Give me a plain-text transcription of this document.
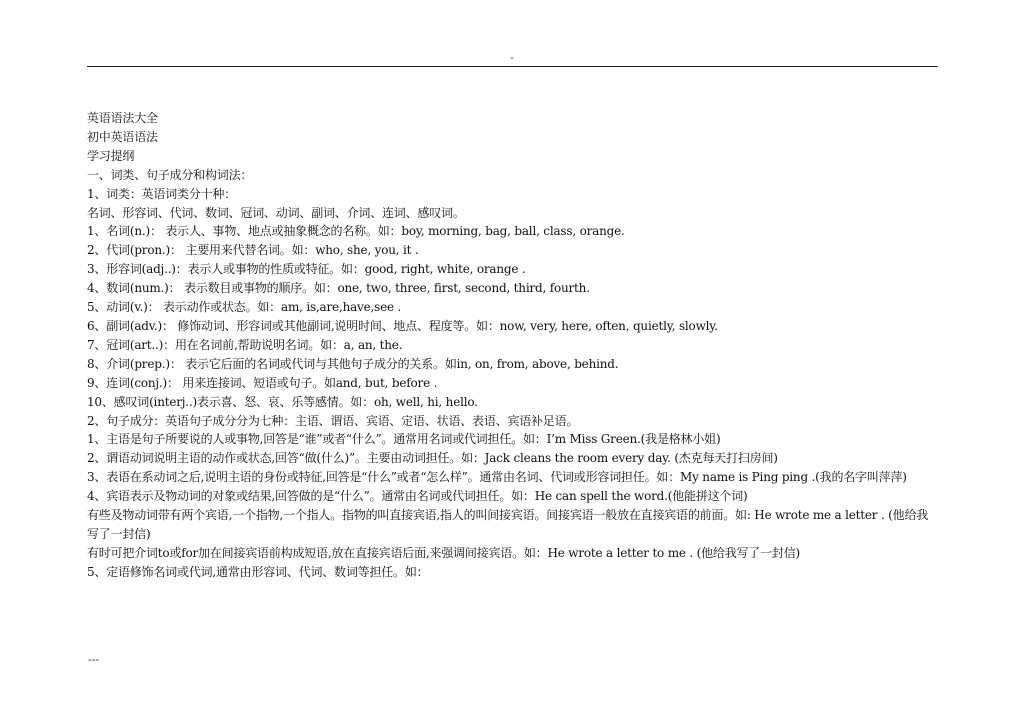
-
英语语法大全
初中英语语法
学习提纲
一、词类、句子成分和构词法：
1、词类：英语词类分十种：
名词、形容词、代词、数词、冠词、动词、副词、介词、连词、感叹词。
1、名词(n.)： 表示人、事物、地点或抽象概念的名称。如：boy, morning, bag, ball, class, orange.
2、代词(pron.)： 主要用来代替名词。如：who, she, you, it .
3、形容词(adj..)：表示人或事物的性质或特征。如：good, right, white, orange .
4、数词(num.)： 表示数目或事物的顺序。如：one, two, three, first, second, third, fourth.
5、动词(v.)： 表示动作或状态。如：am, is,are,have,see .
6、副词(adv.)： 修饰动词、形容词或其他副词,说明时间、地点、程度等。如：now, very, here, often, quietly, slowly.
7、冠词(art..)：用在名词前,帮助说明名词。如：a, an, the.
8、介词(prep.)： 表示它后面的名词或代词与其他句子成分的关系。如in, on, from, above, behind.
9、连词(conj.)： 用来连接词、短语或句子。如and, but, before .
10、感叹词(interj..)表示喜、怒、哀、乐等感情。如：oh, well, hi, hello.
2、句子成分：英语句子成分分为七种：主语、谓语、宾语、定语、状语、表语、宾语补足语。
1、主语是句子所要说的人或事物,回答是“谁”或者“什么”。通常用名词或代词担任。如：I’m Miss Green.(我是格林小姐)
2、谓语动词说明主语的动作或状态,回答“做(什么)”。主要由动词担任。如：Jack cleans the room every day. (杰克每天打扫房间)
3、表语在系动词之后,说明主语的身份或特征,回答是“什么”或者“怎么样”。通常由名词、代词或形容词担任。如：My name is Ping ping .(我的名字叫萍萍)
4、宾语表示及物动词的对象或结果,回答做的是“什么”。通常由名词或代词担任。如：He can spell the word.(他能拼这个词)
有些及物动词带有两个宾语,一个指物,一个指人。指物的叫直接宾语,指人的叫间接宾语。间接宾语一般放在直接宾语的前面。如: He wrote me a letter . (他给我写了一封信)
有时可把介词to或for加在间接宾语前构成短语,放在直接宾语后面,来强调间接宾语。如：He wrote a letter to me . (他给我写了一封信)
5、定语修饰名词或代词,通常由形容词、代词、数词等担任。如：
---
